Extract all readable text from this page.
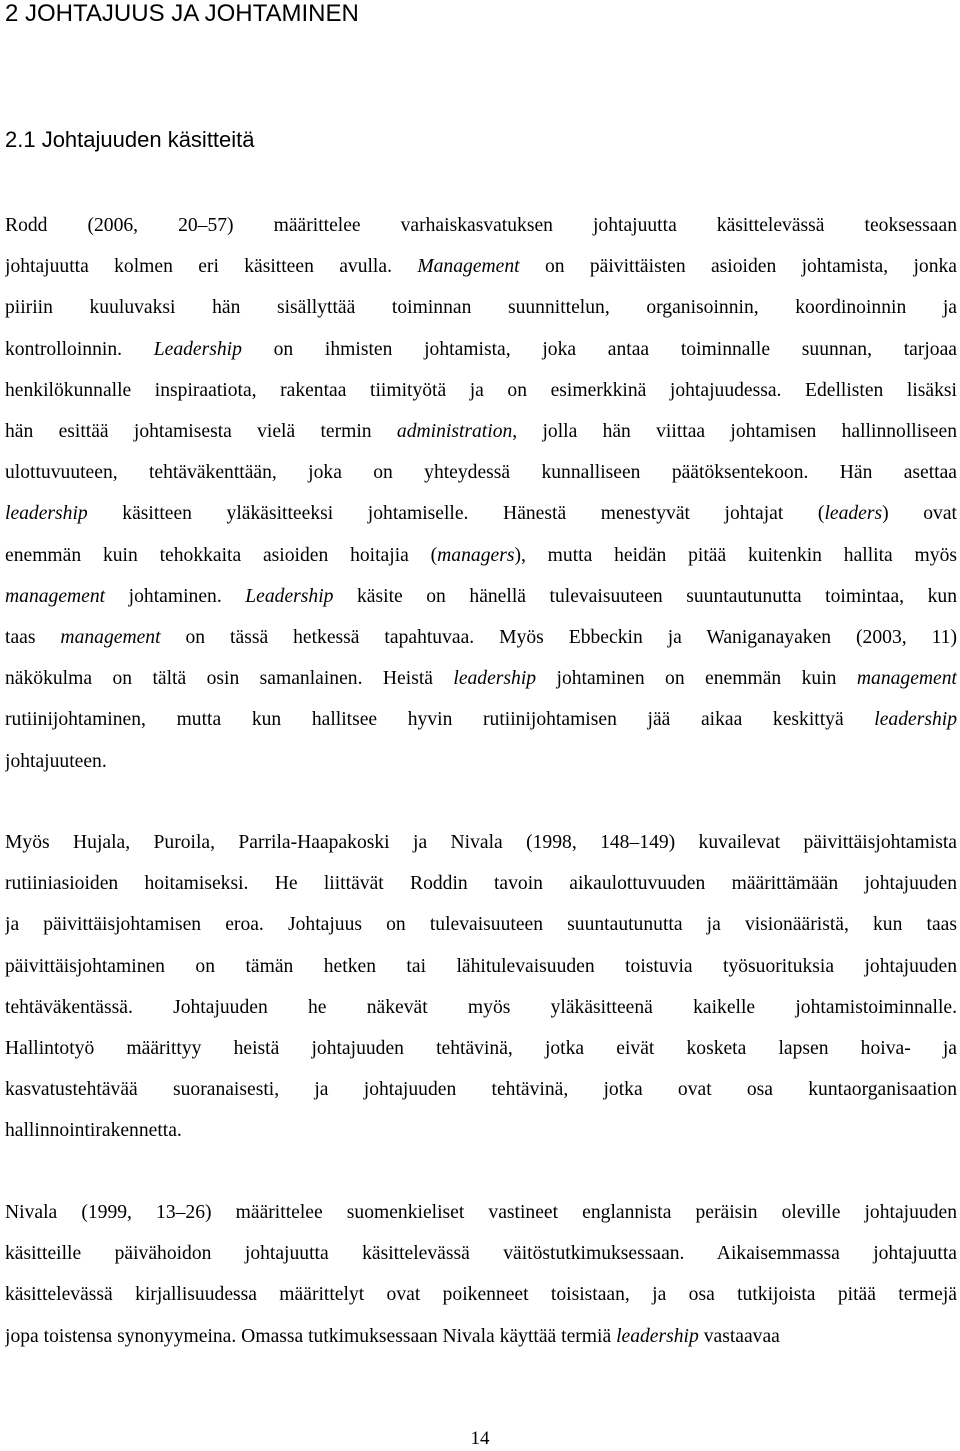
2 JOHTAJUUS JA JOHTAMINEN
2.1 Johtajuuden käsitteitä
Rodd (2006, 20–57) määrittelee varhaiskasvatuksen johtajuutta käsittelevässä teoksessaan
johtajuutta kolmen eri käsitteen avulla. Management on päivittäisten asioiden johtamista, jonka
piiriin kuuluvaksi hän sisällyttää toiminnan suunnittelun, organisoinnin, koordinoinnin ja
kontrolloinnin. Leadership on ihmisten johtamista, joka antaa toiminnalle suunnan, tarjoaa
henkilökunnalle inspiraatiota, rakentaa tiimityötä ja on esimerkkinä johtajuudessa. Edellisten lisäksi
hän esittää johtamisesta vielä termin administration, jolla hän viittaa johtamisen hallinnolliseen
ulottuvuuteen, tehtäväkenttään, joka on yhteydessä kunnalliseen päätöksentekoon. Hän asettaa
leadership käsitteen yläkäsitteeksi johtamiselle. Hänestä menestyvät johtajat (leaders) ovat
enemmän kuin tehokkaita asioiden hoitajia (managers), mutta heidän pitää kuitenkin hallita myös
management johtaminen. Leadership käsite on hänellä tulevaisuuteen suuntautunutta toimintaa, kun
taas management on tässä hetkessä tapahtuvaa. Myös Ebbeckin ja Waniganayaken (2003, 11)
näkökulma on tältä osin samanlainen. Heistä leadership johtaminen on enemmän kuin management
rutiinijohtaminen, mutta kun hallitsee hyvin rutiinijohtamisen jää aikaa keskittyä leadership
johtajuuteen.
Myös Hujala, Puroila, Parrila-Haapakoski ja Nivala (1998, 148–149) kuvailevat päivittäisjohtamista
rutiiniasioiden hoitamiseksi. He liittävät Roddin tavoin aikaulottuvuuden määrittämään johtajuuden
ja päivittäisjohtamisen eroa. Johtajuus on tulevaisuuteen suuntautunutta ja visionääristä, kun taas
päivittäisjohtaminen on tämän hetken tai lähitulevaisuuden toistuvia työsuorituksia johtajuuden
tehtäväkentässä. Johtajuuden he näkevät myös yläkäsitteenä kaikelle johtamistoiminnalle.
Hallintotyö määrittyy heistä johtajuuden tehtävinä, jotka eivät kosketa lapsen hoiva- ja
kasvatustehtävää suoranaisesti, ja johtajuuden tehtävinä, jotka ovat osa kuntaorganisaation
hallinnointirakennetta.
Nivala (1999, 13–26) määrittelee suomenkieliset vastineet englannista peräisin oleville johtajuuden
käsitteille päivähoidon johtajuutta käsittelevässä väitöstutkimuksessaan. Aikaisemmassa johtajuutta
käsittelevässä kirjallisuudessa määrittelyt ovat poikenneet toisistaan, ja osa tutkijoista pitää termejä
jopa toistensa synonyymeina. Omassa tutkimuksessaan Nivala käyttää termiä leadership vastaavaa

14
